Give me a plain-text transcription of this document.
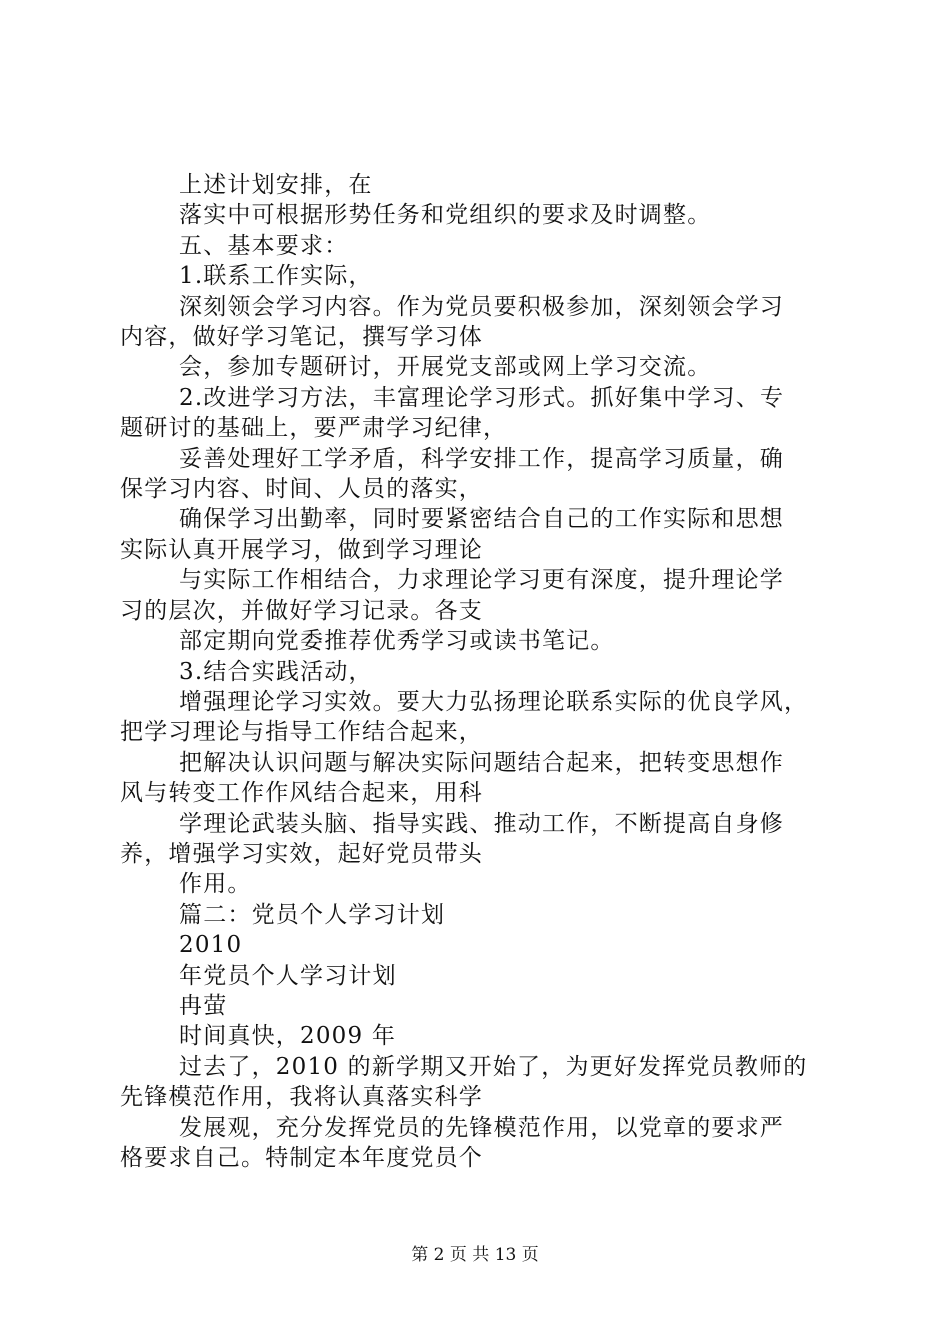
上述计划安排，在
落实中可根据形势任务和党组织的要求及时调整。
五、基本要求：
1.联系工作实际，
深刻领会学习内容。作为党员要积极参加，深刻领会学习
内容，做好学习笔记，撰写学习体
会，参加专题研讨，开展党支部或网上学习交流。
2.改进学习方法，丰富理论学习形式。抓好集中学习、专
题研讨的基础上，要严肃学习纪律，
妥善处理好工学矛盾，科学安排工作，提高学习质量，确
保学习内容、时间、人员的落实，
确保学习出勤率，同时要紧密结合自己的工作实际和思想
实际认真开展学习，做到学习理论
与实际工作相结合，力求理论学习更有深度，提升理论学
习的层次，并做好学习记录。各支
部定期向党委推荐优秀学习或读书笔记。
3.结合实践活动，
增强理论学习实效。要大力弘扬理论联系实际的优良学风，
把学习理论与指导工作结合起来，
把解决认识问题与解决实际问题结合起来，把转变思想作
风与转变工作作风结合起来，用科
学理论武装头脑、指导实践、推动工作，不断提高自身修
养，增强学习实效，起好党员带头
作用。
篇二：党员个人学习计划
2010
年党员个人学习计划
冉萤
时间真快，2009 年
过去了，2010 的新学期又开始了，为更好发挥党员教师的
先锋模范作用，我将认真落实科学
发展观，充分发挥党员的先锋模范作用，以党章的要求严
格要求自己。特制定本年度党员个
第 2 页 共 13 页
